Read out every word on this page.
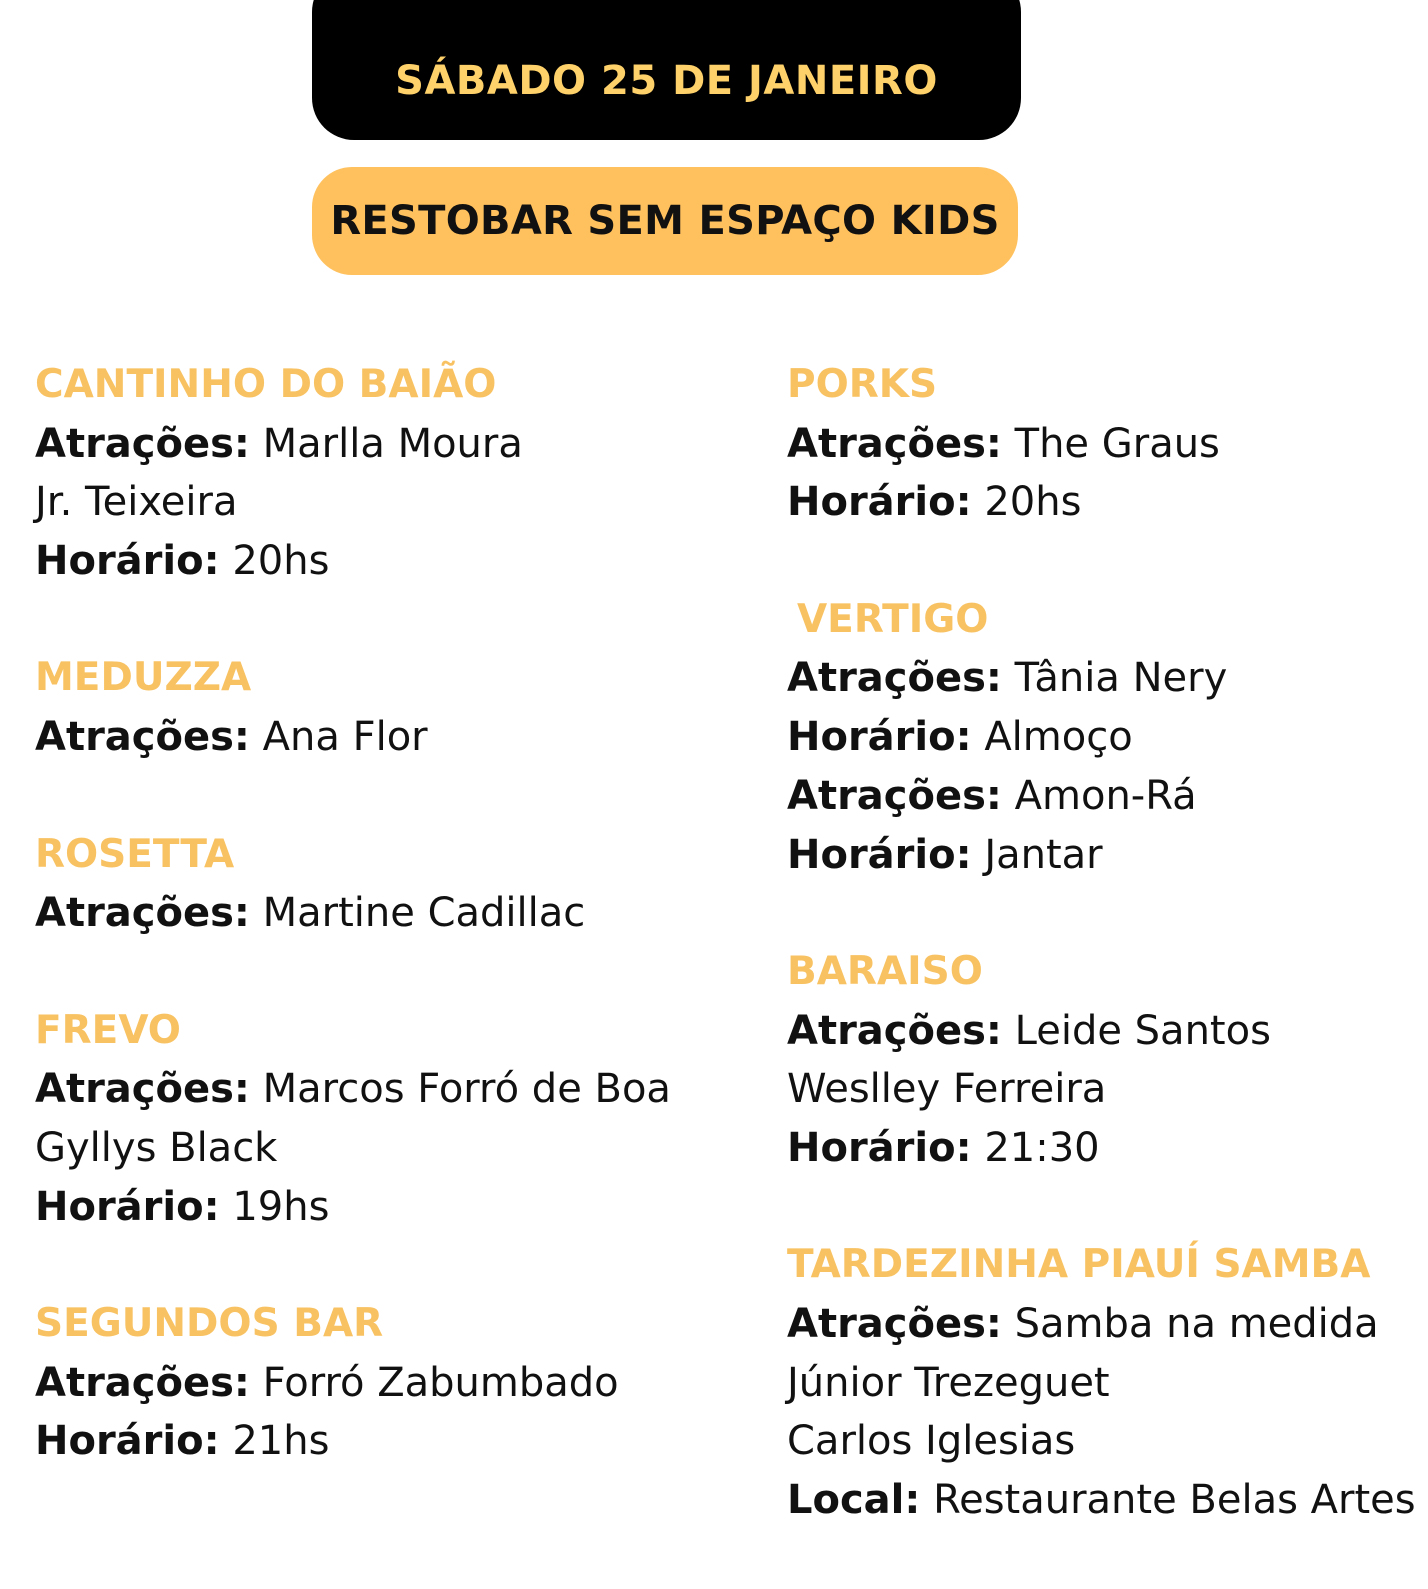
SÁBADO 25 DE JANEIRO
RESTOBAR SEM ESPAÇO KIDS
CANTINHO DO BAIÃO
Atrações: Marlla Moura
Jr. Teixeira
Horário: 20hs
MEDUZZA
Atrações: Ana Flor
ROSETTA
Atrações: Martine Cadillac
FREVO
Atrações: Marcos Forró de Boa
Gyllys Black
Horário: 19hs
SEGUNDOS BAR
Atrações: Forró Zabumbado
Horário: 21hs
PORKS
Atrações: The Graus
Horário: 20hs
VERTIGO
Atrações: Tânia Nery
Horário: Almoço
Atrações: Amon-Rá
Horário: Jantar
BARAISO
Atrações: Leide Santos
Weslley Ferreira
Horário: 21:30
TARDEZINHA PIAUÍ SAMBA
Atrações: Samba na medida
Júnior Trezeguet
Carlos Iglesias
Local: Restaurante Belas Artes
